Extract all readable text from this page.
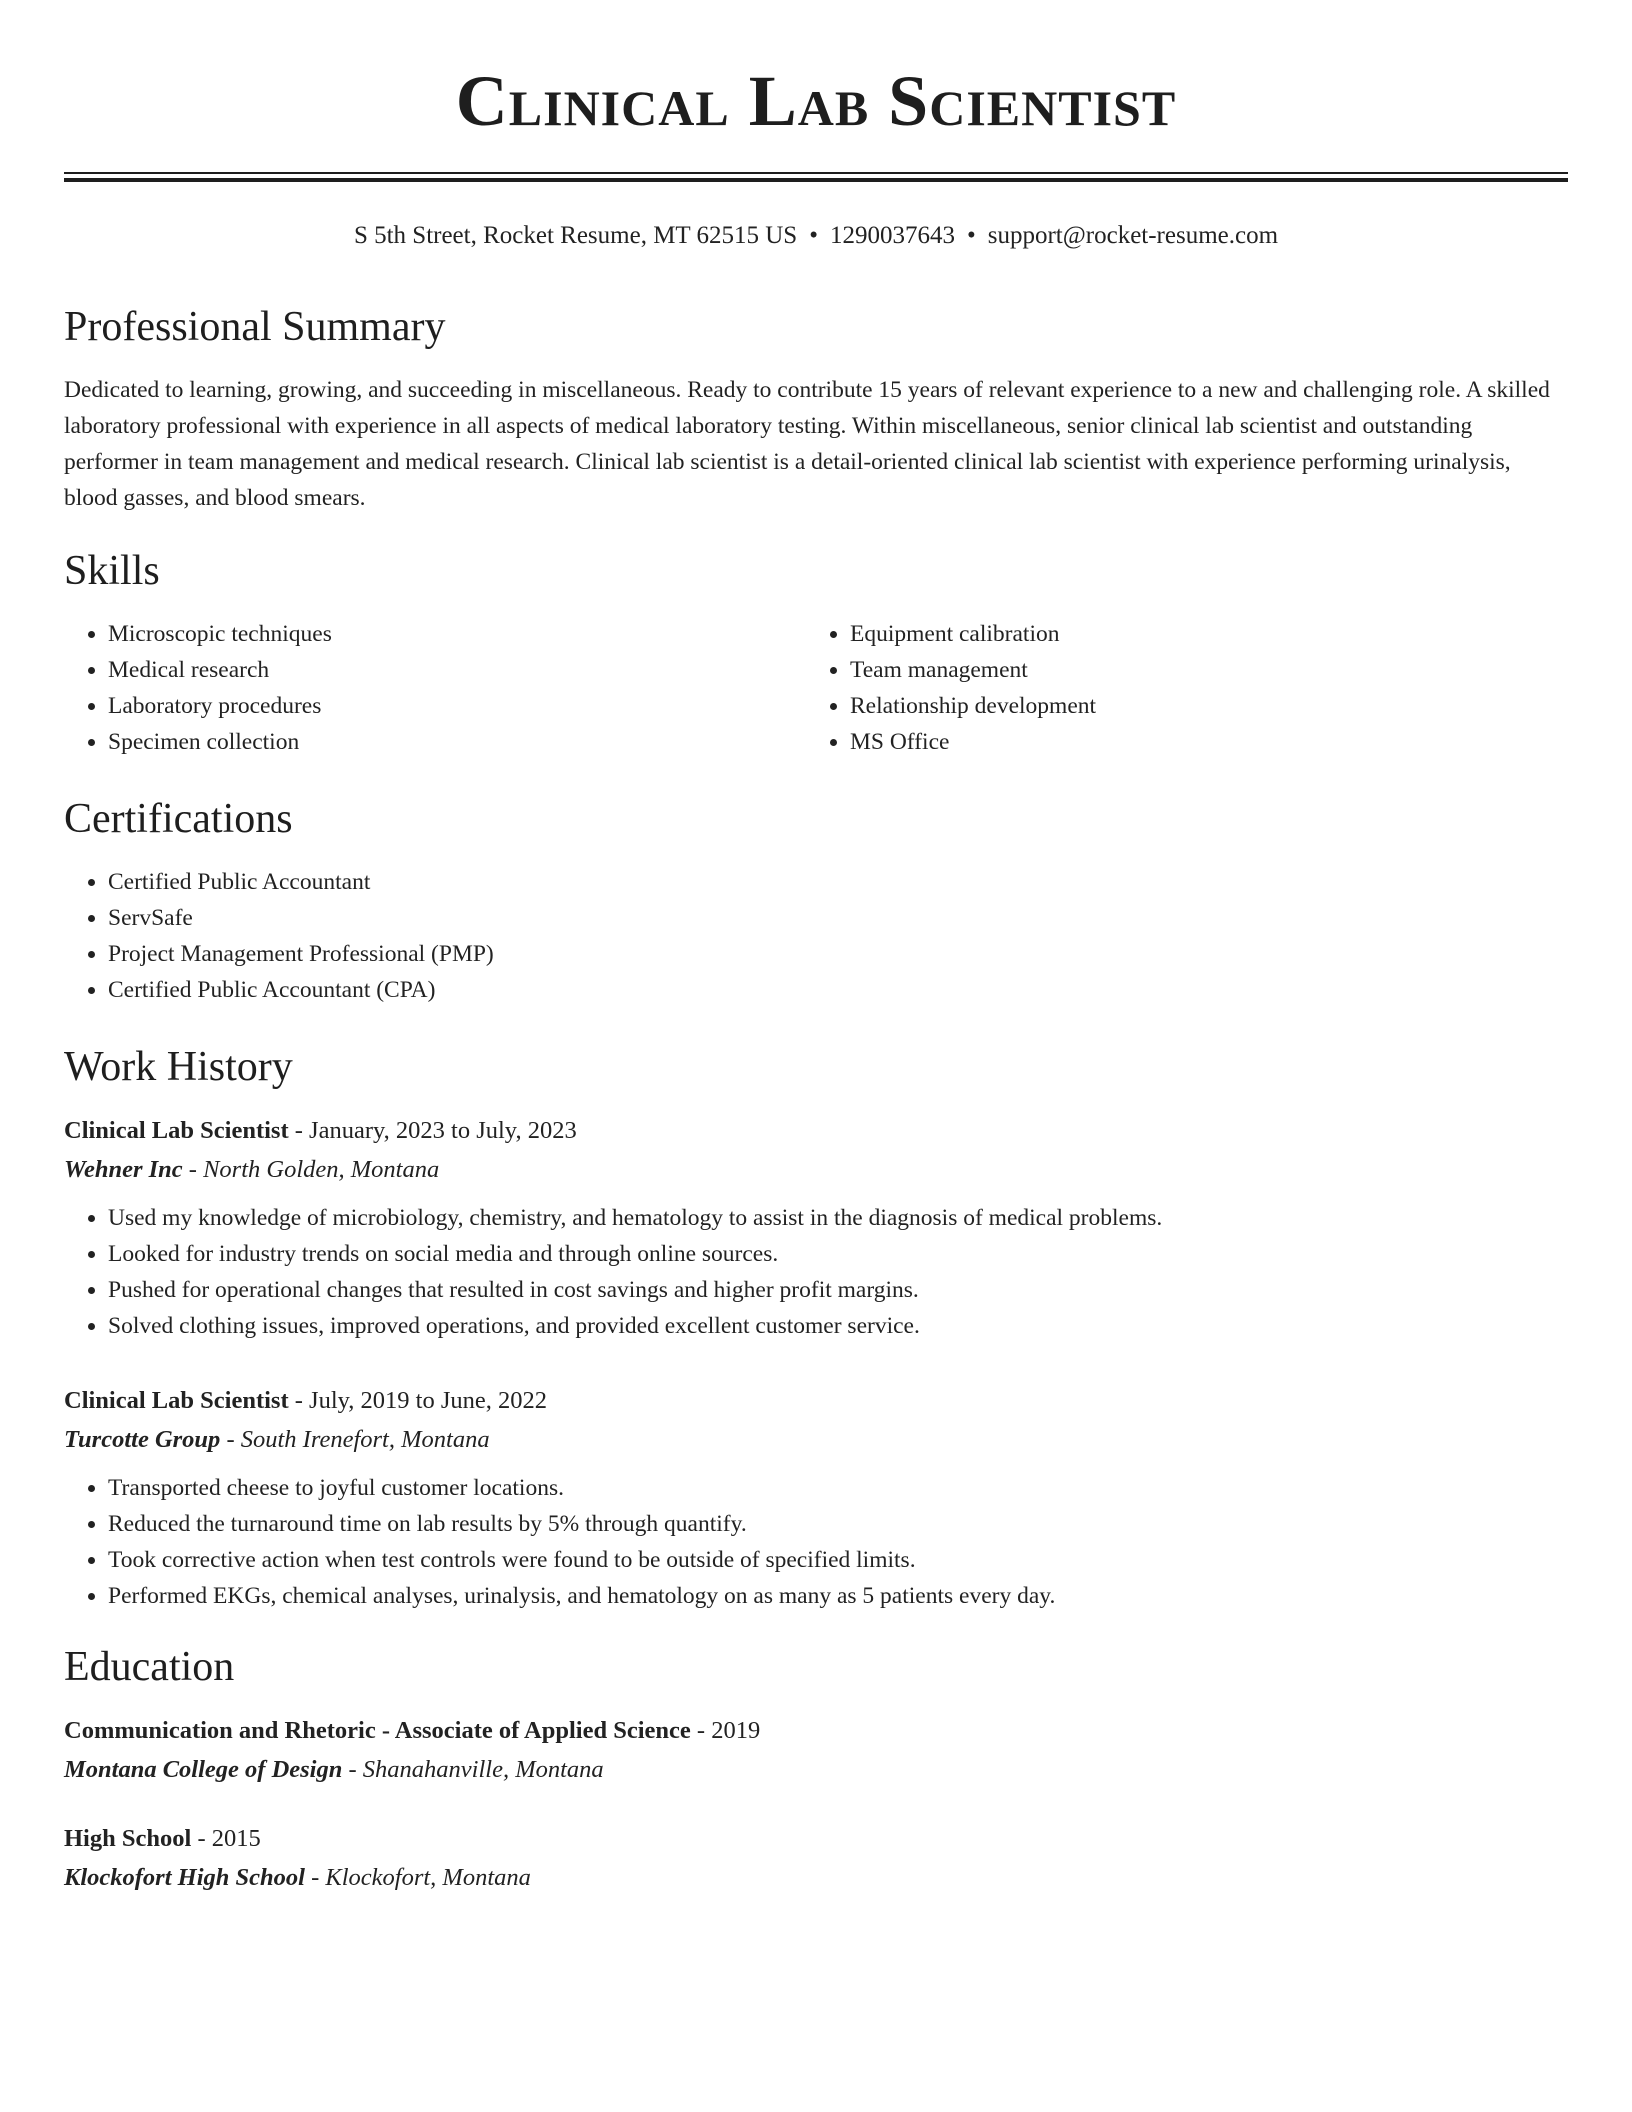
Clinical Lab Scientist
S 5th Street, Rocket Resume, MT 62515 US • 1290037643 • support@rocket-resume.com
Professional Summary

Dedicated to learning, growing, and succeeding in miscellaneous. Ready to contribute 15 years of relevant experience to a new and challenging role. A skilled laboratory professional with experience in all aspects of medical laboratory testing. Within miscellaneous, senior clinical lab scientist and outstanding performer in team management and medical research. Clinical lab scientist is a detail-oriented clinical lab scientist with experience performing urinalysis, blood gasses, and blood smears.

Skills
• Microscopic techniques
• Medical research
• Laboratory procedures
• Specimen collection
• Equipment calibration
• Team management
• Relationship development
• MS Office
Certifications
• Certified Public Accountant
• ServSafe
• Project Management Professional (PMP)
• Certified Public Accountant (CPA)
Work History
Clinical Lab Scientist - January, 2023 to July, 2023
Wehner Inc - North Golden, Montana
• Used my knowledge of microbiology, chemistry, and hematology to assist in the diagnosis of medical problems.
• Looked for industry trends on social media and through online sources.
• Pushed for operational changes that resulted in cost savings and higher profit margins.
• Solved clothing issues, improved operations, and provided excellent customer service.
Clinical Lab Scientist - July, 2019 to June, 2022
Turcotte Group - South Irenefort, Montana
• Transported cheese to joyful customer locations.
• Reduced the turnaround time on lab results by 5% through quantify.
• Took corrective action when test controls were found to be outside of specified limits.
• Performed EKGs, chemical analyses, urinalysis, and hematology on as many as 5 patients every day.
Education
Communication and Rhetoric - Associate of Applied Science - 2019
Montana College of Design - Shanahanville, Montana
High School - 2015
Klockofort High School - Klockofort, Montana
